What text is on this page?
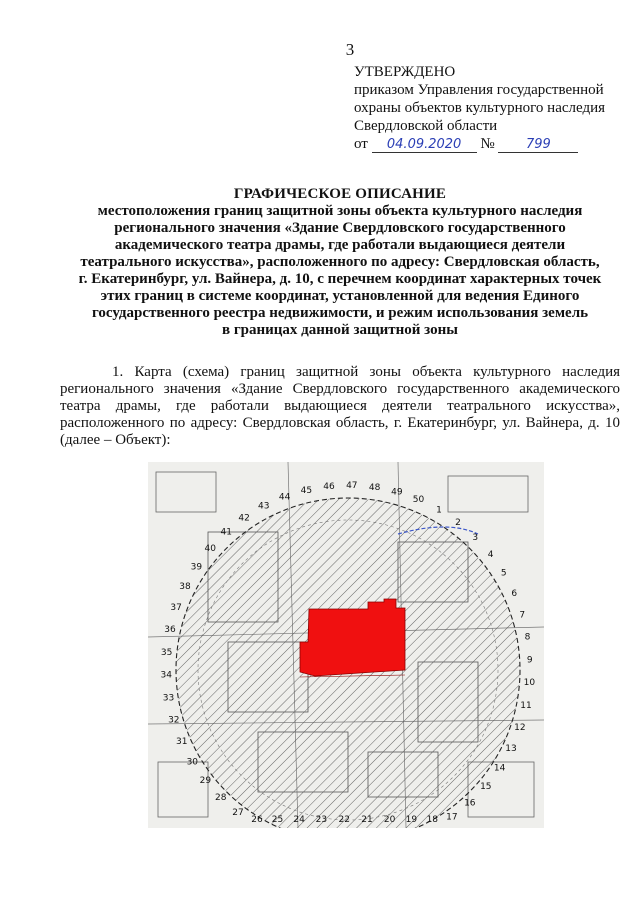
3
УТВЕРЖДЕНО
приказом Управления государственной
охраны объектов культурного наследия
Свердловской области
от 04.09.2020 № 799
ГРАФИЧЕСКОЕ ОПИСАНИЕ
местоположения границ защитной зоны объекта культурного наследия
регионального значения «Здание Свердловского государственного
академического театра драмы, где работали выдающиеся деятели
театрального искусства», расположенного по адресу: Свердловская область,
г. Екатеринбург, ул. Вайнера, д. 10, с перечнем координат характерных точек
этих границ в системе координат, установленной для ведения Единого
государственного реестра недвижимости, и режим использования земель
в границах данной защитной зоны

1. Карта (схема) границ защитной зоны объекта культурного наследия регионального значения «Здание Свердловского государственного академического театра драмы, где работали выдающиеся деятели театрального искусства», расположенного по адресу: Свердловская область, г. Екатеринбург, ул. Вайнера, д. 10 (далее – Объект):

1
2
3
4
5
6
7
8
9
10
11
12
13
14
15
16
17
18
19
20
21
22
23
24
25
26
27
28
29
30
31
32
33
34
35
36
37
38
39
40
41
42
43
44
45 46 47 48 49
50
